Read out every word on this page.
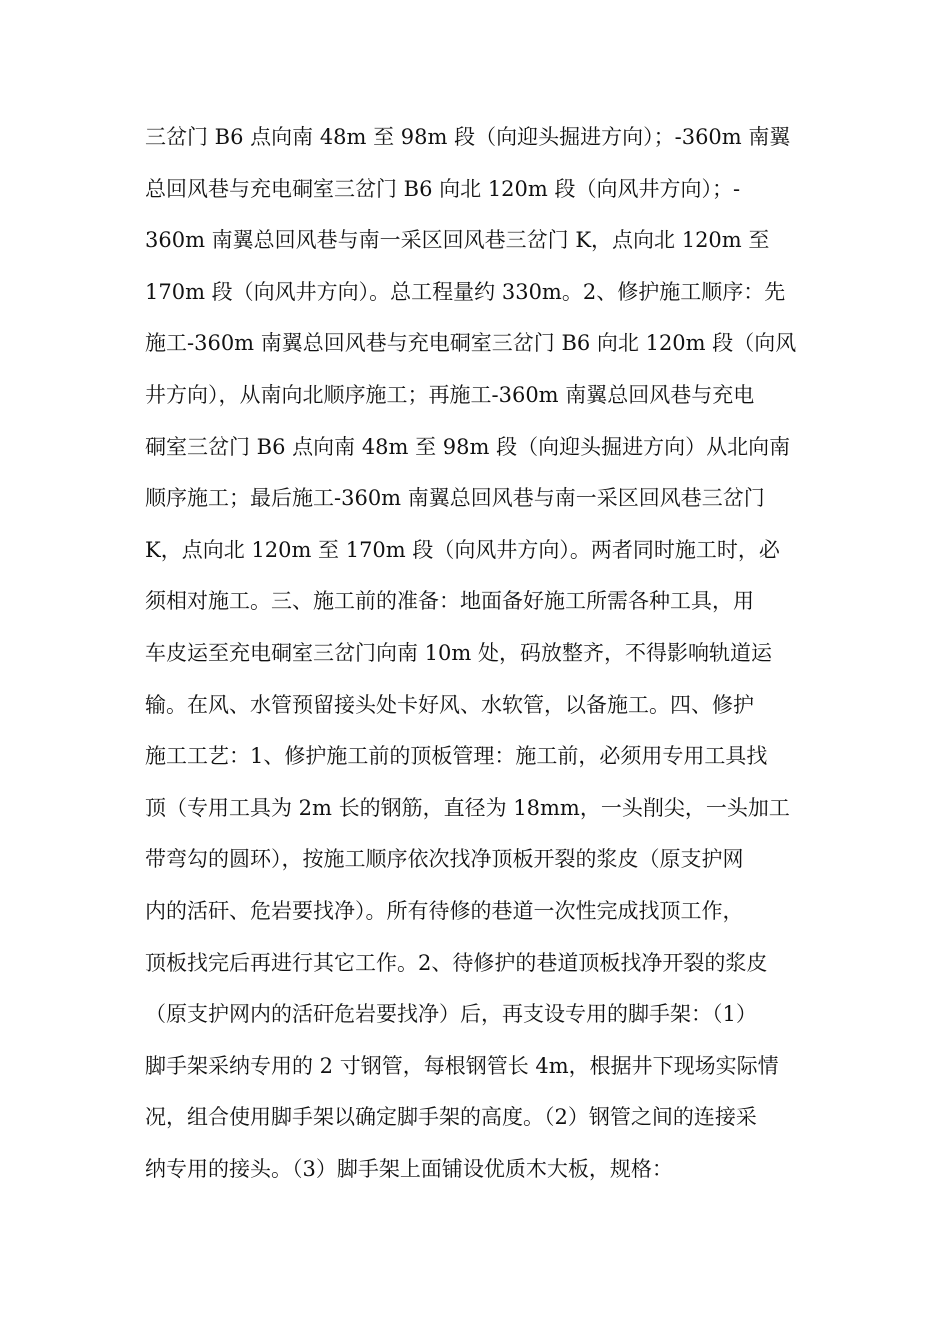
三岔门 B6 点向南 48m 至 98m 段（向迎头掘进方向）；-360m 南翼
总回风巷与充电硐室三岔门 B6 向北 120m 段（向风井方向）；-
360m 南翼总回风巷与南一采区回风巷三岔门 K，点向北 120m 至
170m 段（向风井方向）。总工程量约 330m。2、修护施工顺序：先
施工-360m 南翼总回风巷与充电硐室三岔门 B6 向北 120m 段（向风
井方向），从南向北顺序施工；再施工-360m 南翼总回风巷与充电
硐室三岔门 B6 点向南 48m 至 98m 段（向迎头掘进方向）从北向南
顺序施工；最后施工-360m 南翼总回风巷与南一采区回风巷三岔门
K，点向北 120m 至 170m 段（向风井方向）。两者同时施工时，必
须相对施工。三、施工前的准备：地面备好施工所需各种工具，用
车皮运至充电硐室三岔门向南 10m 处，码放整齐，不得影响轨道运
输。在风、水管预留接头处卡好风、水软管，以备施工。四、修护
施工工艺：1、修护施工前的顶板管理：施工前，必须用专用工具找
顶（专用工具为 2m 长的钢筋，直径为 18mm，一头削尖，一头加工
带弯勾的圆环），按施工顺序依次找净顶板开裂的浆皮（原支护网
内的活矸、危岩要找净）。所有待修的巷道一次性完成找顶工作，
顶板找完后再进行其它工作。2、待修护的巷道顶板找净开裂的浆皮
（原支护网内的活矸危岩要找净）后，再支设专用的脚手架：（1）
脚手架采纳专用的 2 寸钢管，每根钢管长 4m，根据井下现场实际情
况，组合使用脚手架以确定脚手架的高度。（2）钢管之间的连接采
纳专用的接头。（3）脚手架上面铺设优质木大板，规格：
